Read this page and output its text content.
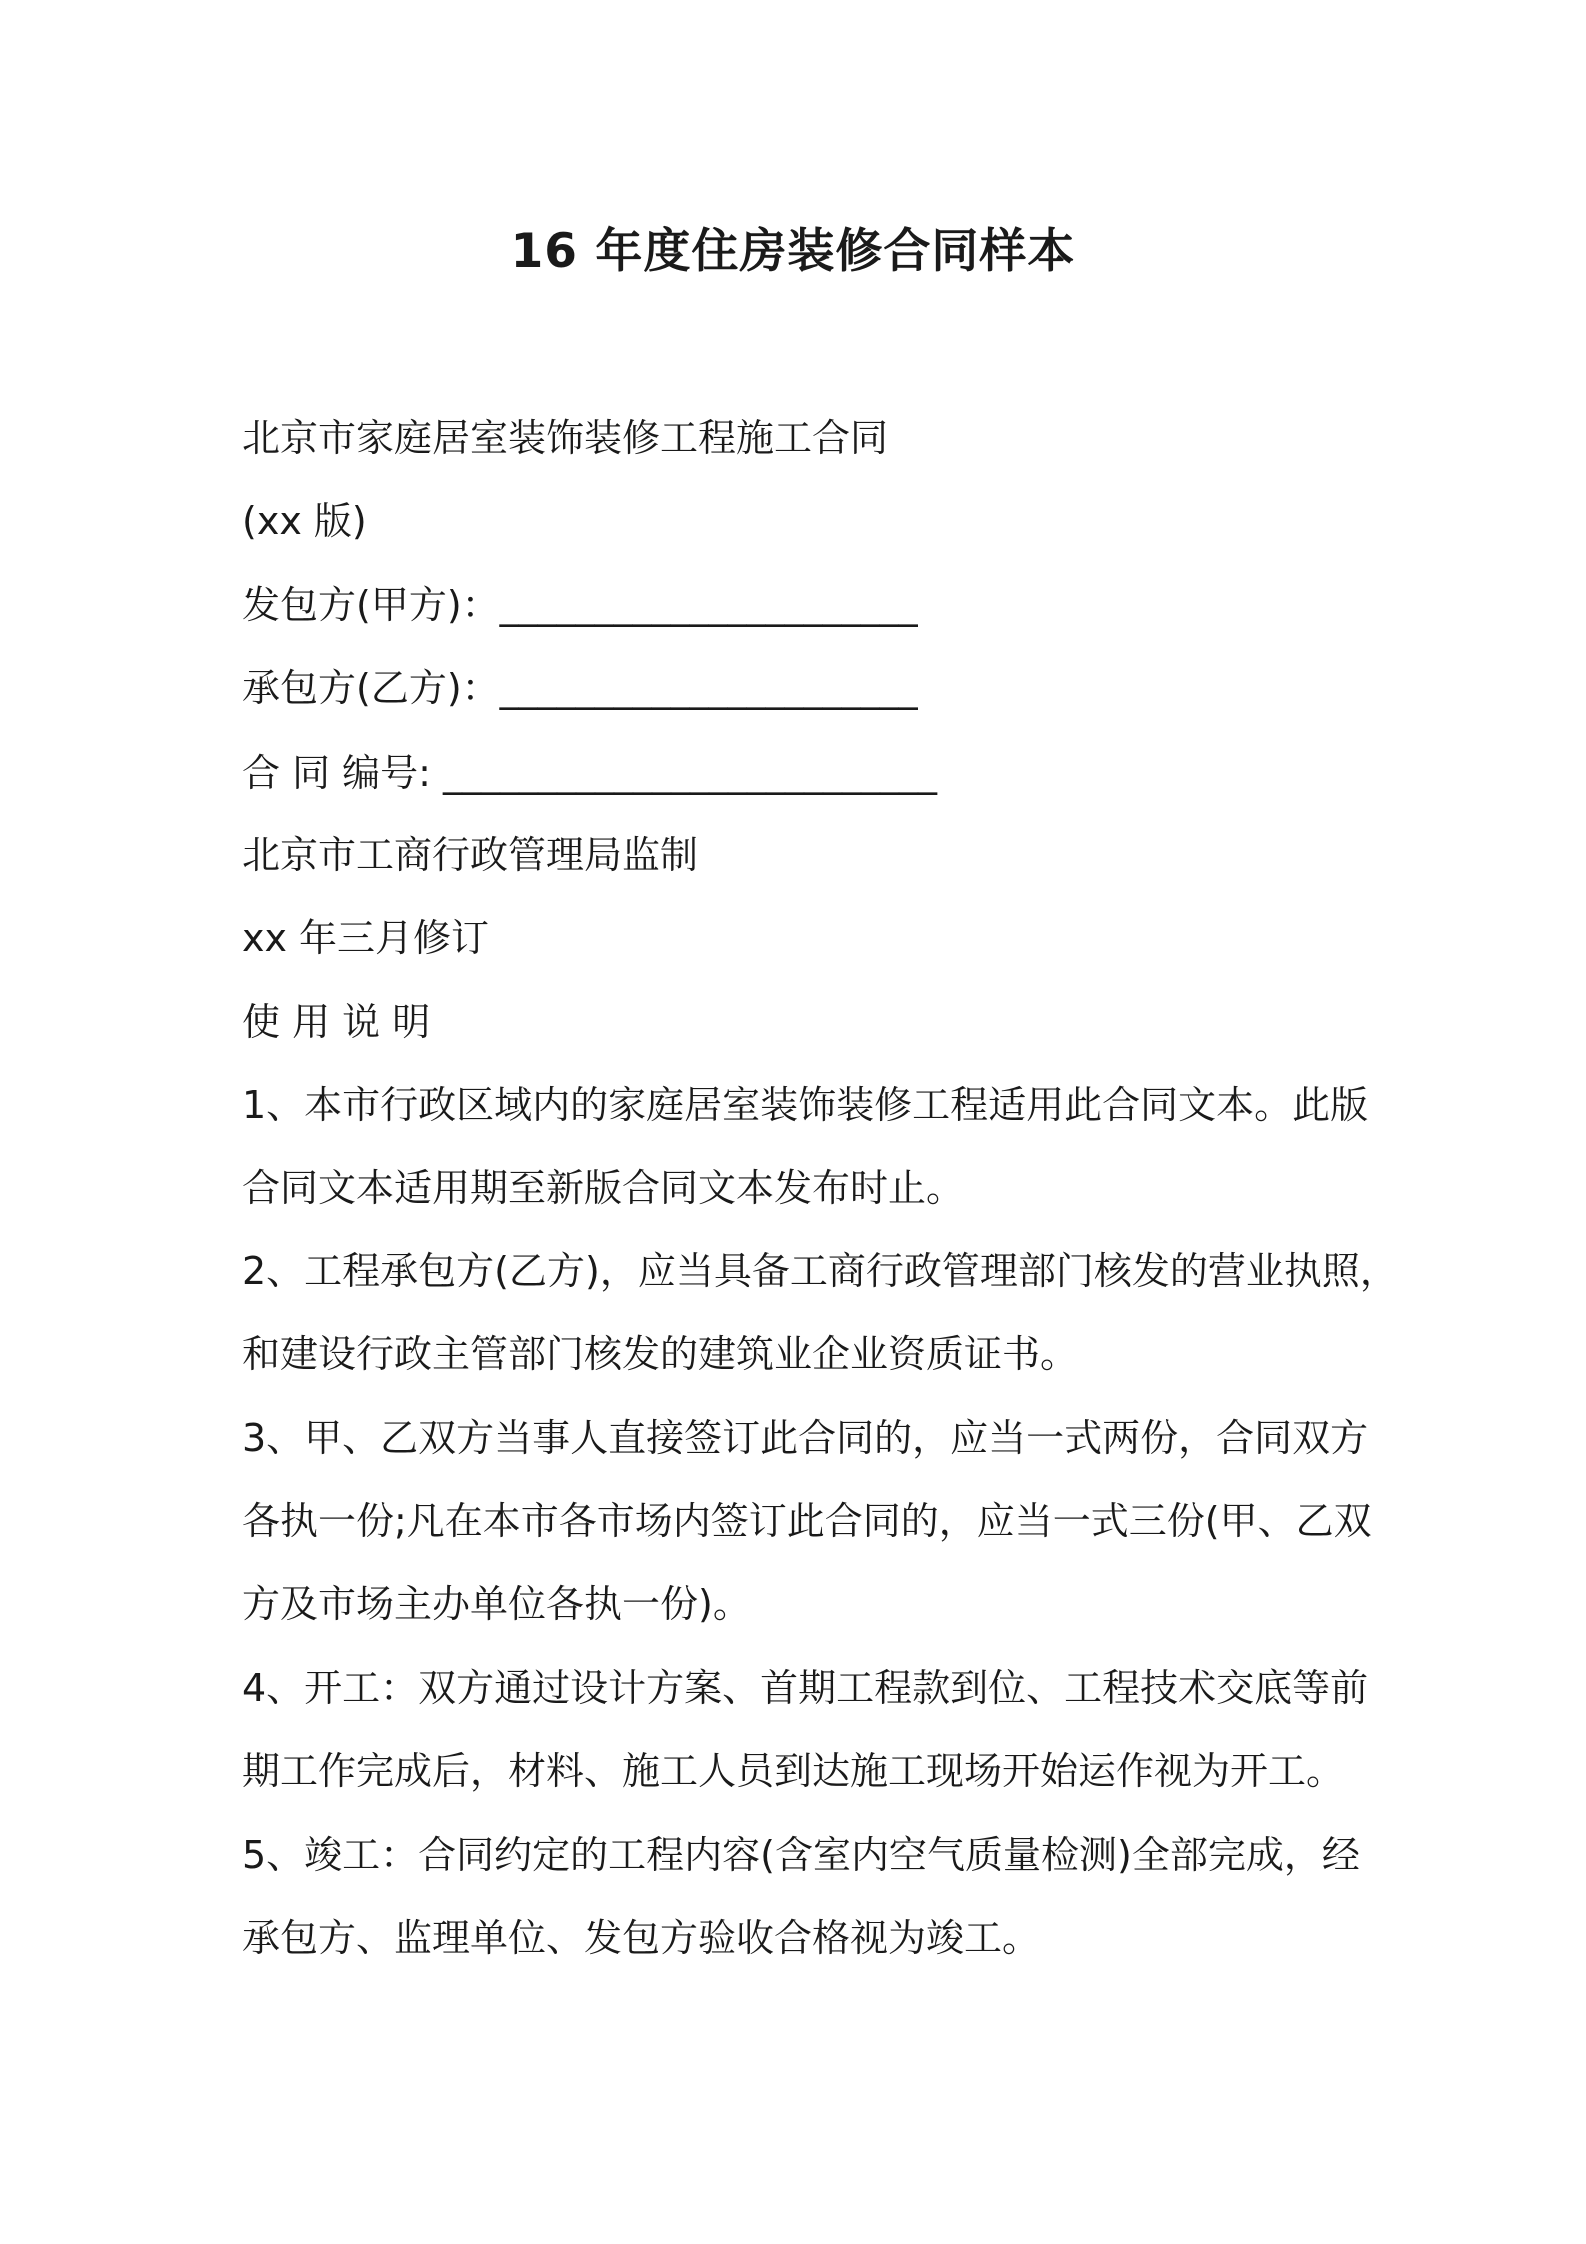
16 年度住房装修合同样本

北京市家庭居室装饰装修工程施工合同

(xx 版)

发包方(甲方)：______________________

承包方(乙方)：______________________

合 同 编号: __________________________

北京市工商行政管理局监制

xx 年三月修订

使 用 说 明

1、本市行政区域内的家庭居室装饰装修工程适用此合同文本。此版

合同文本适用期至新版合同文本发布时止。

2、工程承包方(乙方)，应当具备工商行政管理部门核发的营业执照，

和建设行政主管部门核发的建筑业企业资质证书。

3、甲、乙双方当事人直接签订此合同的，应当一式两份，合同双方

各执一份;凡在本市各市场内签订此合同的，应当一式三份(甲、乙双

方及市场主办单位各执一份)。

4、开工：双方通过设计方案、首期工程款到位、工程技术交底等前

期工作完成后，材料、施工人员到达施工现场开始运作视为开工。

5、竣工：合同约定的工程内容(含室内空气质量检测)全部完成，经

承包方、监理单位、发包方验收合格视为竣工。
